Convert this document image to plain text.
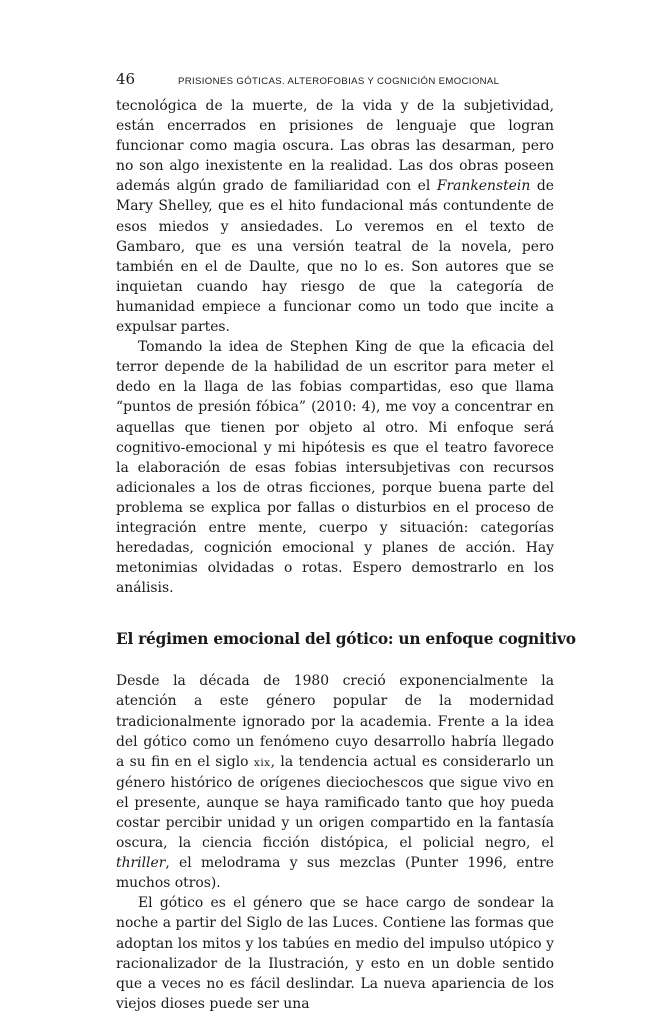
46	PRISIONES GÓTICAS. ALTEROFOBIAS Y COGNICIÓN EMOCIONAL

tecnológica de la muerte, de la vida y de la subjetividad, están encerrados en prisiones de lenguaje que logran funcionar como magia oscura. Las obras las desarman, pero no son algo inexistente en la realidad. Las dos obras poseen además algún grado de familiaridad con el Frankenstein de Mary Shelley, que es el hito fundacional más contundente de esos miedos y ansiedades. Lo veremos en el texto de Gambaro, que es una versión teatral de la novela, pero también en el de Daulte, que no lo es. Son autores que se inquietan cuando hay riesgo de que la categoría de humanidad empiece a funcionar como un todo que incite a expulsar partes.

Tomando la idea de Stephen King de que la eficacia del terror depende de la habilidad de un escritor para meter el dedo en la llaga de las fobias compartidas, eso que llama “puntos de presión fóbica” (2010: 4), me voy a concentrar en aquellas que tienen por objeto al otro. Mi enfoque será cognitivo-emocional y mi hipótesis es que el teatro favorece la elaboración de esas fobias intersubjetivas con recursos adicionales a los de otras ficciones, porque buena parte del problema se explica por fallas o disturbios en el proceso de integración entre mente, cuerpo y situación: categorías heredadas, cognición emocional y planes de acción. Hay metonimias olvidadas o rotas. Espero demostrarlo en los análisis.

El régimen emocional del gótico: un enfoque cognitivo

Desde la década de 1980 creció exponencialmente la atención a este género popular de la modernidad tradicionalmente ignorado por la academia. Frente a la idea del gótico como un fenómeno cuyo desarrollo habría llegado a su fin en el siglo xix, la tendencia actual es considerarlo un género histórico de orígenes dieciochescos que sigue vivo en el presente, aunque se haya ramificado tanto que hoy pueda costar percibir unidad y un origen compartido en la fantasía oscura, la ciencia ficción distópica, el policial negro, el thriller, el melodrama y sus mezclas (Punter 1996, entre muchos otros).

El gótico es el género que se hace cargo de sondear la noche a partir del Siglo de las Luces. Contiene las formas que adoptan los mitos y los tabúes en medio del impulso utópico y racionalizador de la Ilustración, y esto en un doble sentido que a veces no es fácil deslindar. La nueva apariencia de los viejos dioses puede ser una
